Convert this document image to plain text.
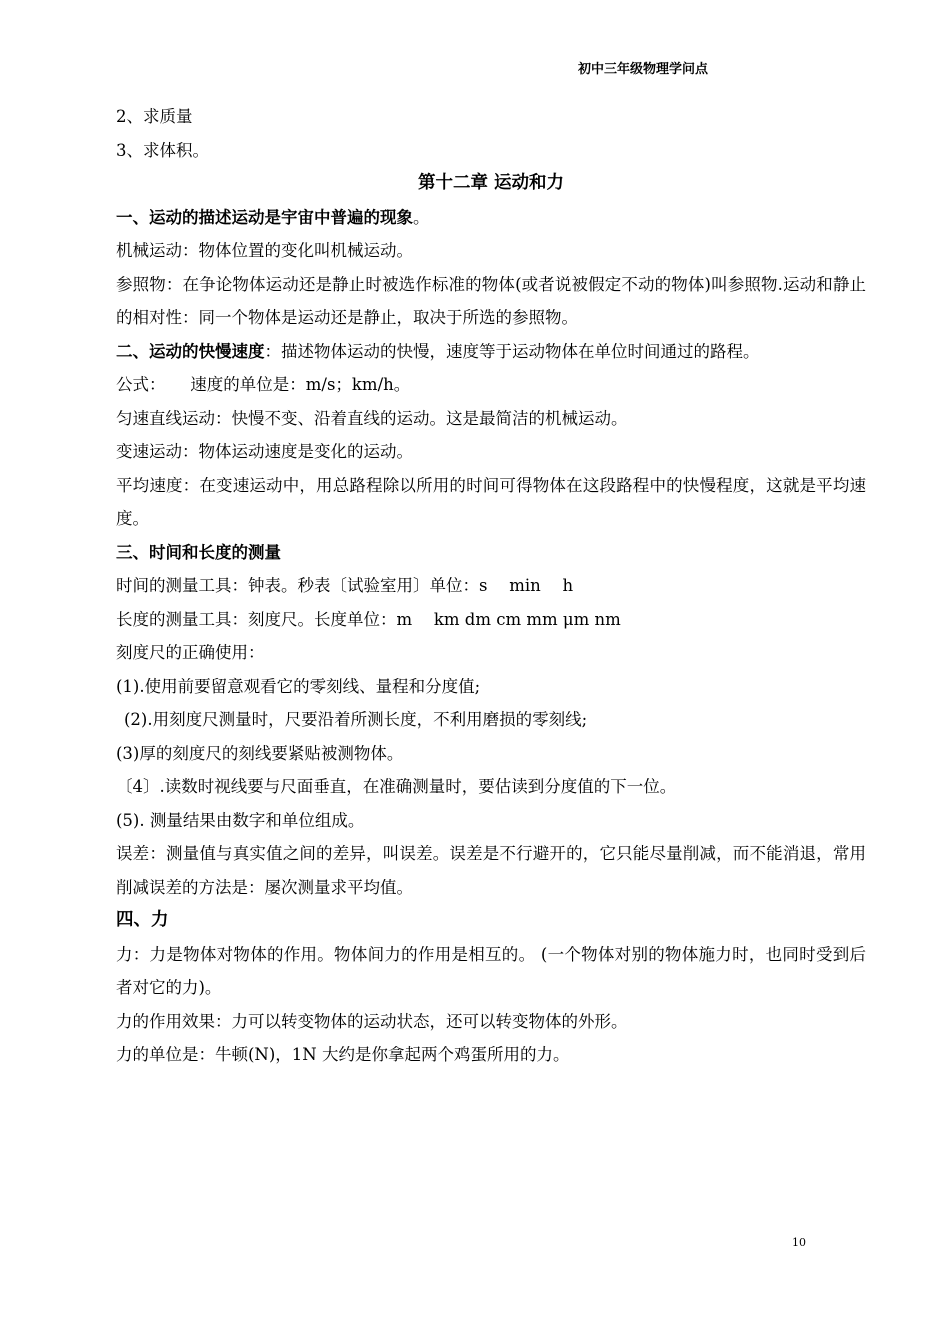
初中三年级物理学问点
2、求质量
3、求体积。
第十二章 运动和力
一、运动的描述运动是宇宙中普遍的现象。
机械运动：物体位置的变化叫机械运动。
参照物：在争论物体运动还是静止时被选作标准的物体(或者说被假定不动的物体)叫参照物.运动和静止的相对性：同一个物体是运动还是静止，取决于所选的参照物。
二、运动的快慢速度：描述物体运动的快慢，速度等于运动物体在单位时间通过的路程。
公式：　　速度的单位是：m/s；km/h。
匀速直线运动：快慢不变、沿着直线的运动。这是最简洁的机械运动。
变速运动：物体运动速度是变化的运动。
平均速度：在变速运动中，用总路程除以所用的时间可得物体在这段路程中的快慢程度，这就是平均速度。
三、时间和长度的测量
时间的测量工具：钟表。秒表〔试验室用〕单位：s　 min　 h
长度的测量工具：刻度尺。长度单位：m　 km dm cm mm μm nm
刻度尺的正确使用：
(1).使用前要留意观看它的零刻线、量程和分度值;
(2).用刻度尺测量时，尺要沿着所测长度，不利用磨损的零刻线;
(3)厚的刻度尺的刻线要紧贴被测物体。
〔4〕.读数时视线要与尺面垂直，在准确测量时，要估读到分度值的下一位。
(5). 测量结果由数字和单位组成。
误差：测量值与真实值之间的差异，叫误差。误差是不行避开的，它只能尽量削减，而不能消退，常用削减误差的方法是：屡次测量求平均值。
四、力
力：力是物体对物体的作用。物体间力的作用是相互的。 (一个物体对别的物体施力时，也同时受到后者对它的力)。
力的作用效果：力可以转变物体的运动状态，还可以转变物体的外形。
力的单位是：牛顿(N)，1N 大约是你拿起两个鸡蛋所用的力。
10
